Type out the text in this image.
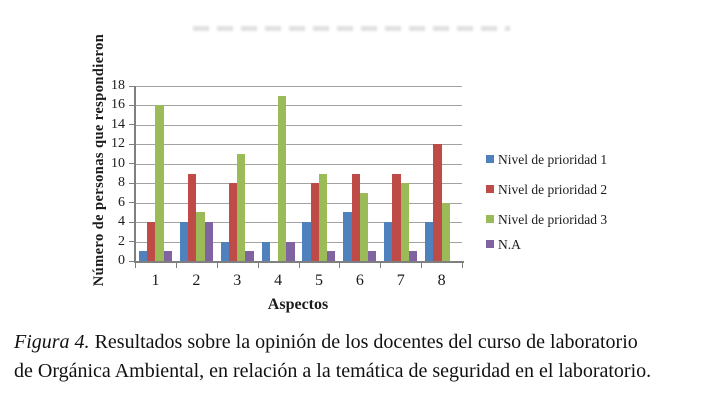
Número de personas que respondieron 0
2
4
6
8
10
12
14
16
18
1	2	3	4	5	6	7	8
Aspectos
Nivel de prioridad 1
Nivel de prioridad 2
Nivel de prioridad 3
N.A

Figura 4. Resultados sobre la opinión de los docentes del curso de laboratorio
de Orgánica Ambiental, en relación a la temática de seguridad en el laboratorio.
